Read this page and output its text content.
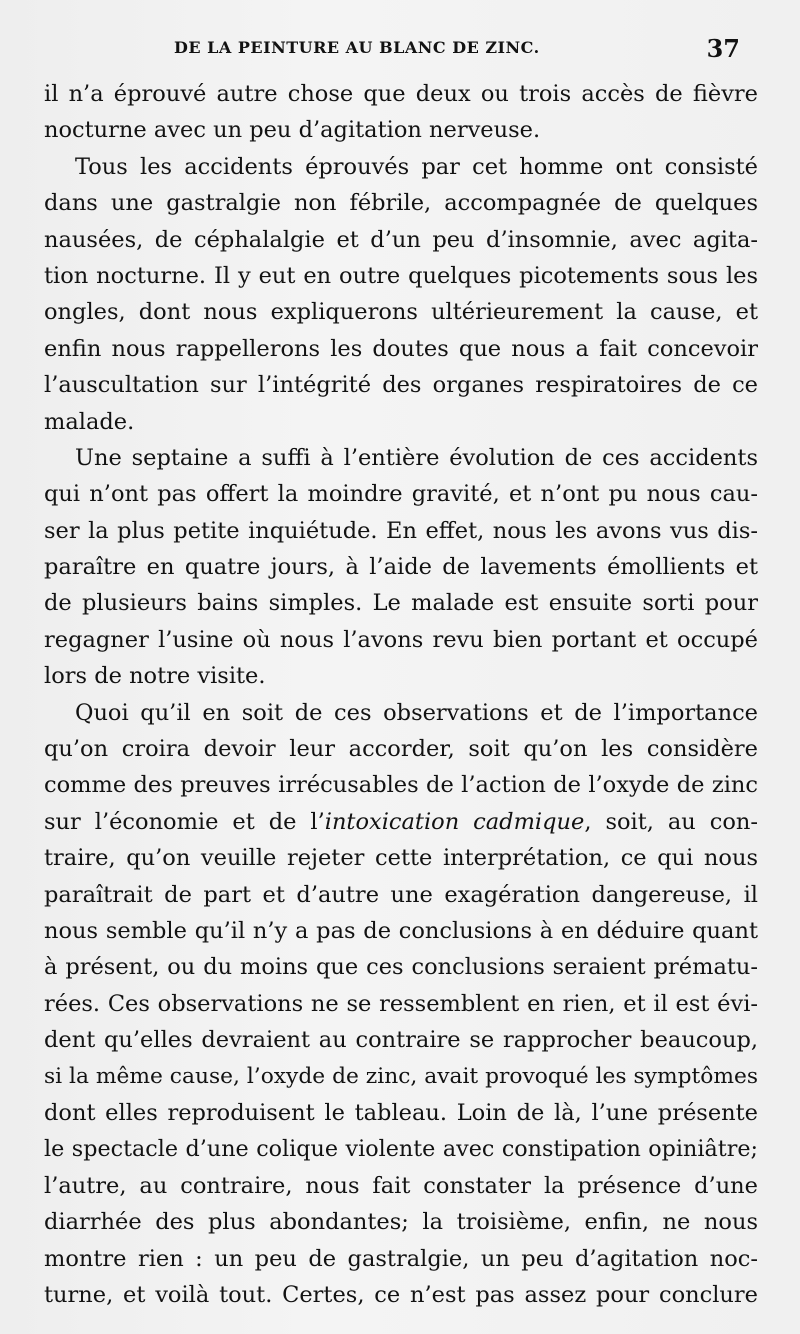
DE LA PEINTURE AU BLANC DE ZINC.	37
il n’a éprouvé autre chose que deux ou trois accès de fièvre
nocturne avec un peu d’agitation nerveuse.
Tous les accidents éprouvés par cet homme ont consisté
dans une gastralgie non fébrile, accompagnée de quelques
nausées, de céphalalgie et d’un peu d’insomnie, avec agita-
tion nocturne. Il y eut en outre quelques picotements sous les
ongles, dont nous expliquerons ultérieurement la cause, et
enfin nous rappellerons les doutes que nous a fait concevoir
l’auscultation sur l’intégrité des organes respiratoires de ce
malade.
Une septaine a suffi à l’entière évolution de ces accidents
qui n’ont pas offert la moindre gravité, et n’ont pu nous cau-
ser la plus petite inquiétude. En effet, nous les avons vus dis-
paraître en quatre jours, à l’aide de lavements émollients et
de plusieurs bains simples. Le malade est ensuite sorti pour
regagner l’usine où nous l’avons revu bien portant et occupé
lors de notre visite.
Quoi qu’il en soit de ces observations et de l’importance
qu’on croira devoir leur accorder, soit qu’on les considère
comme des preuves irrécusables de l’action de l’oxyde de zinc
sur l’économie et de l’intoxication cadmique, soit, au con-
traire, qu’on veuille rejeter cette interprétation, ce qui nous
paraîtrait de part et d’autre une exagération dangereuse, il
nous semble qu’il n’y a pas de conclusions à en déduire quant
à présent, ou du moins que ces conclusions seraient prématu-
rées. Ces observations ne se ressemblent en rien, et il est évi-
dent qu’elles devraient au contraire se rapprocher beaucoup,
si la même cause, l’oxyde de zinc, avait provoqué les symptômes
dont elles reproduisent le tableau. Loin de là, l’une présente
le spectacle d’une colique violente avec constipation opiniâtre;
l’autre, au contraire, nous fait constater la présence d’une
diarrhée des plus abondantes; la troisième, enfin, ne nous
montre rien : un peu de gastralgie, un peu d’agitation noc-
turne, et voilà tout. Certes, ce n’est pas assez pour conclure
